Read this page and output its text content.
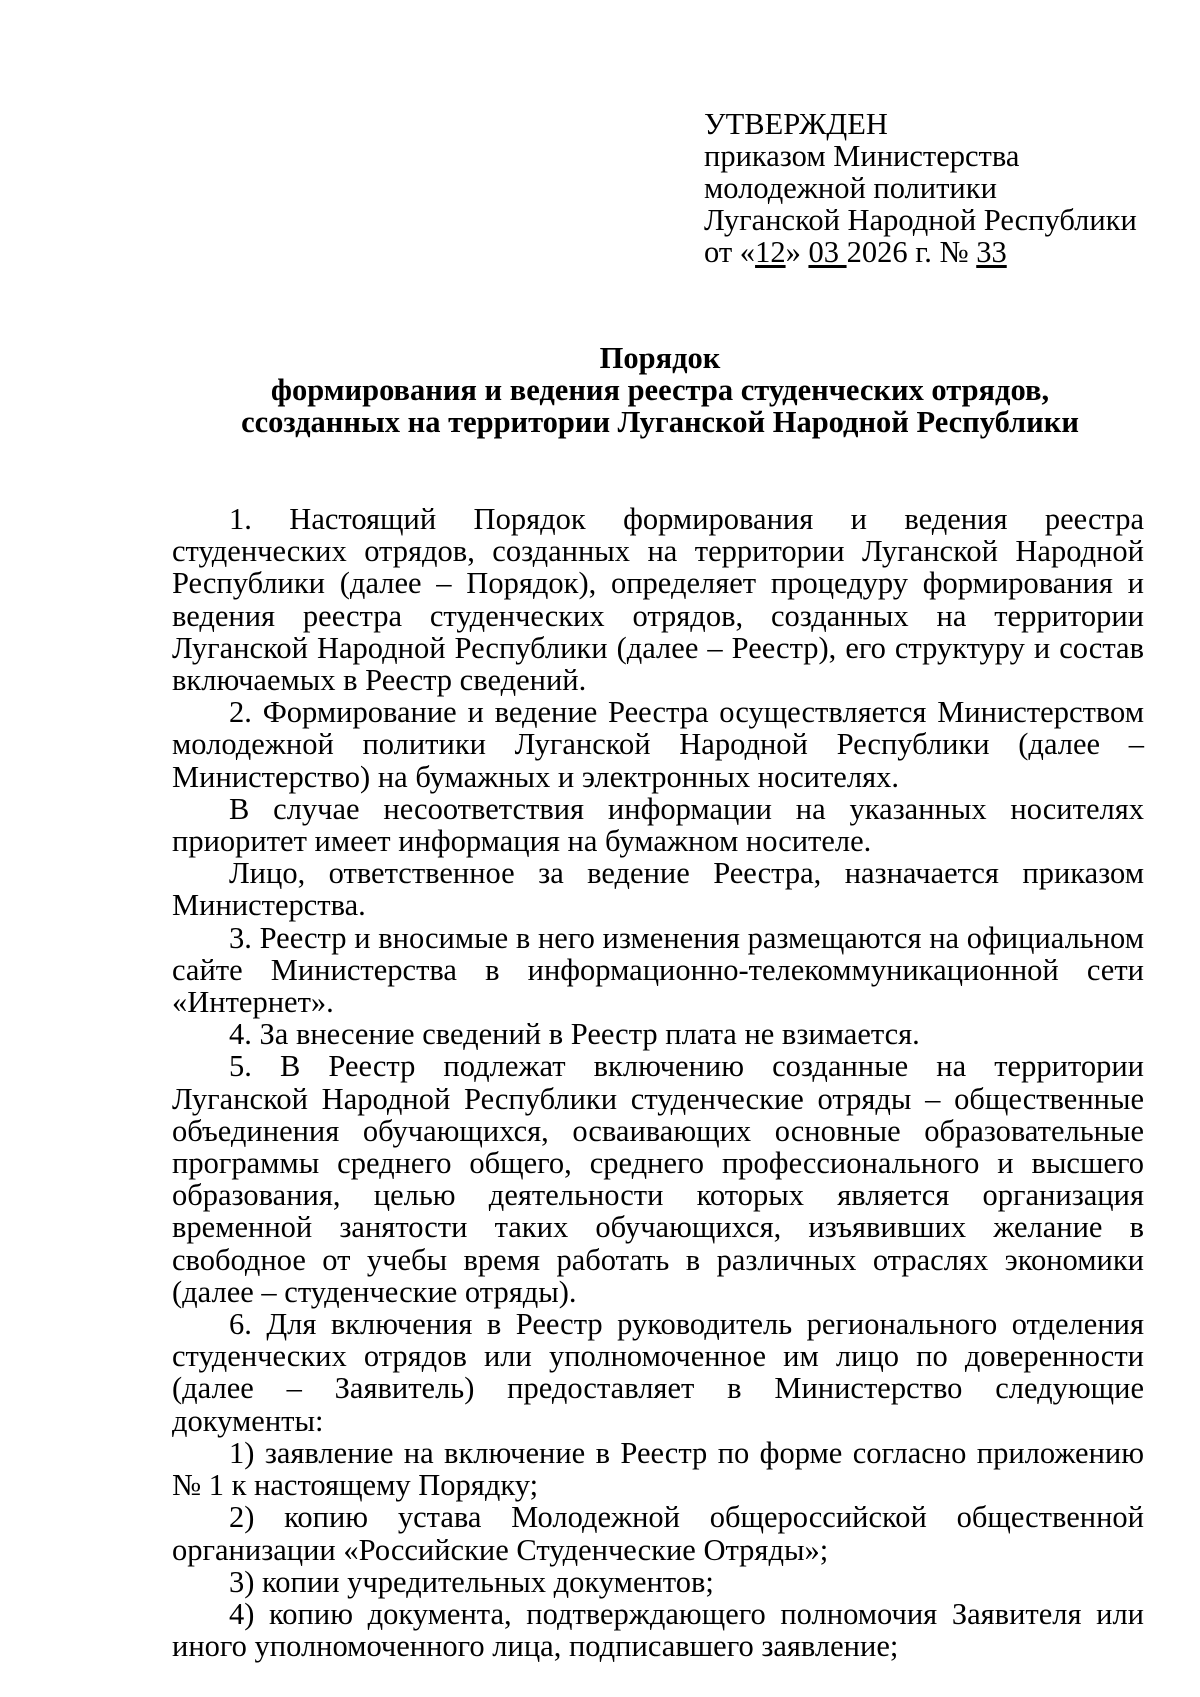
УТВЕРЖДЕН
приказом Министерства
молодежной политики
Луганской Народной Республики
от «12» 03 2026 г. № 33
Порядок
формирования и ведения реестра студенческих отрядов,
ссозданных на территории Луганской Народной Республики

1. Настоящий Порядок формирования и ведения реестра студенческих отрядов, созданных на территории Луганской Народной Республики (далее – Порядок), определяет процедуру формирования и ведения реестра студенческих отрядов, созданных на территории Луганской Народной Республики (далее – Реестр), его структуру и состав включаемых в Реестр сведений.

2. Формирование и ведение Реестра осуществляется Министерством молодежной политики Луганской Народной Республики (далее – Министерство) на бумажных и электронных носителях.

В случае несоответствия информации на указанных носителях приоритет имеет информация на бумажном носителе.

Лицо, ответственное за ведение Реестра, назначается приказом Министерства.

3. Реестр и вносимые в него изменения размещаются на официальном сайте Министерства в информационно-телекоммуникационной сети «Интернет».

4. За внесение сведений в Реестр плата не взимается.

5. В Реестр подлежат включению созданные на территории Луганской Народной Республики студенческие отряды – общественные объединения обучающихся, осваивающих основные образовательные программы среднего общего, среднего профессионального и высшего образования, целью деятельности которых является организация временной занятости таких обучающихся, изъявивших желание в свободное от учебы время работать в различных отраслях экономики (далее – студенческие отряды).

6. Для включения в Реестр руководитель регионального отделения студенческих отрядов или уполномоченное им лицо по доверенности (далее – Заявитель) предоставляет в Министерство следующие документы:

1) заявление на включение в Реестр по форме согласно приложению № 1 к настоящему Порядку;

2) копию устава Молодежной общероссийской общественной организации «Российские Студенческие Отряды»;

3) копии учредительных документов;

4) копию документа, подтверждающего полномочия Заявителя или иного уполномоченного лица, подписавшего заявление;
